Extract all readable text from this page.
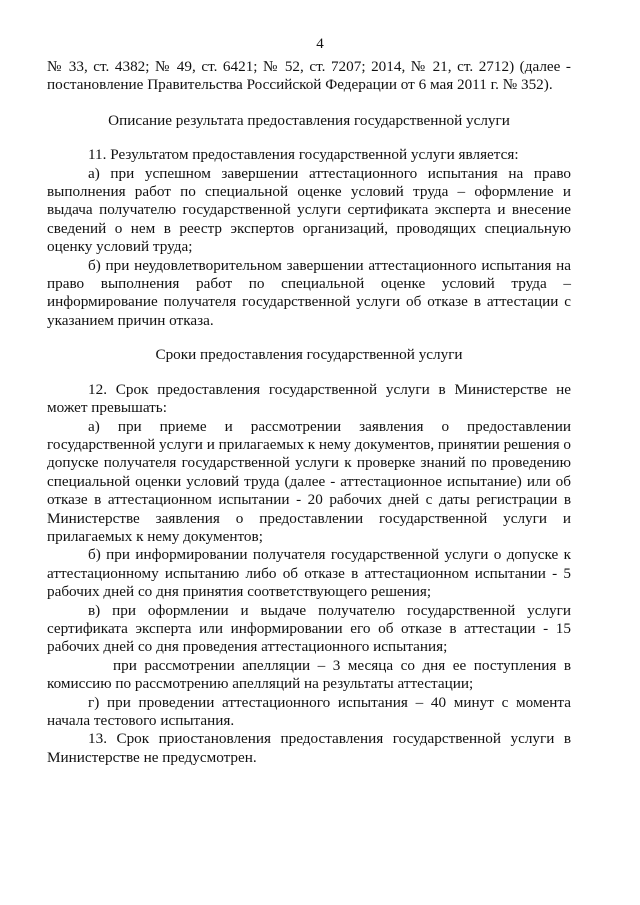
4

№ 33, ст. 4382; № 49, ст. 6421; № 52, ст. 7207; 2014, № 21, ст. 2712) (далее - постановление Правительства Российской Федерации от 6 мая 2011 г. № 352).

Описание результата предоставления государственной услуги

11. Результатом предоставления государственной услуги является:

а) при успешном завершении аттестационного испытания на право выполнения работ по специальной оценке условий труда – оформление и выдача получателю государственной услуги сертификата эксперта и внесение сведений о нем в реестр экспертов организаций, проводящих специальную оценку условий труда;

б) при неудовлетворительном завершении аттестационного испытания на право выполнения работ по специальной оценке условий труда – информирование получателя государственной услуги об отказе в аттестации с указанием причин отказа.

Сроки предоставления государственной услуги

12. Срок предоставления государственной услуги в Министерстве не может превышать:

а) при приеме и рассмотрении заявления о предоставлении государственной услуги и прилагаемых к нему документов, принятии решения о допуске получателя государственной услуги к проверке знаний по проведению специальной оценки условий труда (далее - аттестационное испытание) или об отказе в аттестационном испытании - 20 рабочих дней с даты регистрации в Министерстве заявления о предоставлении государственной услуги и прилагаемых к нему документов;

б) при информировании получателя государственной услуги о допуске к аттестационному испытанию либо об отказе в аттестационном испытании - 5 рабочих дней со дня принятия соответствующего решения;

в) при оформлении и выдаче получателю государственной услуги сертификата эксперта или информировании его об отказе в аттестации - 15 рабочих дней со дня проведения аттестационного испытания;

при рассмотрении апелляции – 3 месяца со дня ее поступления в комиссию по рассмотрению апелляций на результаты аттестации;

г) при проведении аттестационного испытания – 40 минут с момента начала тестового испытания.

13. Срок приостановления предоставления государственной услуги в Министерстве не предусмотрен.
